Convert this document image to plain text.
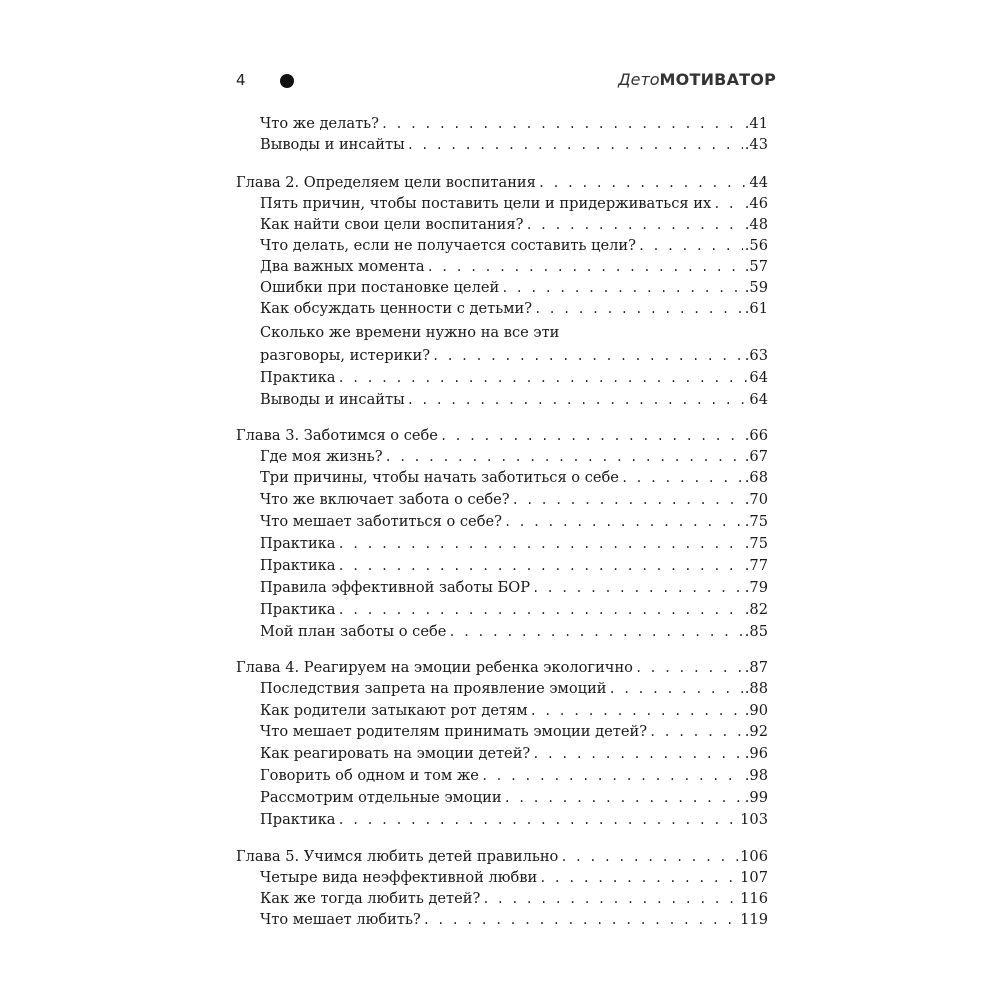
4	ДетоМОТИВАТОР
Что же делать? . . .	.41
Выводы и инсайты . . .	.43
Глава 2. Определяем цели воспитания . . .	44
Пять причин, чтобы поставить цели и придерживаться их . . . .46
Как найти свои цели воспитания? . . .	.48
Что делать, если не получается составить цели? . . .	.56
Два важных момента . . .	.57
Ошибки при постановке целей . . .	.59
Как обсуждать ценности с детьми? . . .	.61
Сколько же времени нужно на все эти
разговоры, истерики? . . .	.63
Практика . . .	64
Выводы и инсайты . . .	64
Глава 3. Заботимся о себе . . .	.66
Где моя жизнь? . . .	.67
Три причины, чтобы начать заботиться о себе . . .	.68
Что же включает забота о себе? . . .	.70
Что мешает заботиться о себе? . . .	.75
Практика . . .	.75
Практика . . .	.77
Правила эффективной заботы БОР . . .	.79
Практика . . .	.82
Мой план заботы о себе . . .	.85
Глава 4. Реагируем на эмоции ребенка экологично . . .	.87
Последствия запрета на проявление эмоций . . .	.88
Как родители затыкают рот детям . . .	.90
Что мешает родителям принимать эмоции детей? . . .	.92
Как реагировать на эмоции детей? . . .	.96
Говорить об одном и том же . . .	.98
Рассмотрим отдельные эмоции . . .	.99
Практика . . .	103
Глава 5. Учимся любить детей правильно . . .	106
Четыре вида неэффективной любви . . .	107
Как же тогда любить детей? . . .	116
Что мешает любить? . . .	119
